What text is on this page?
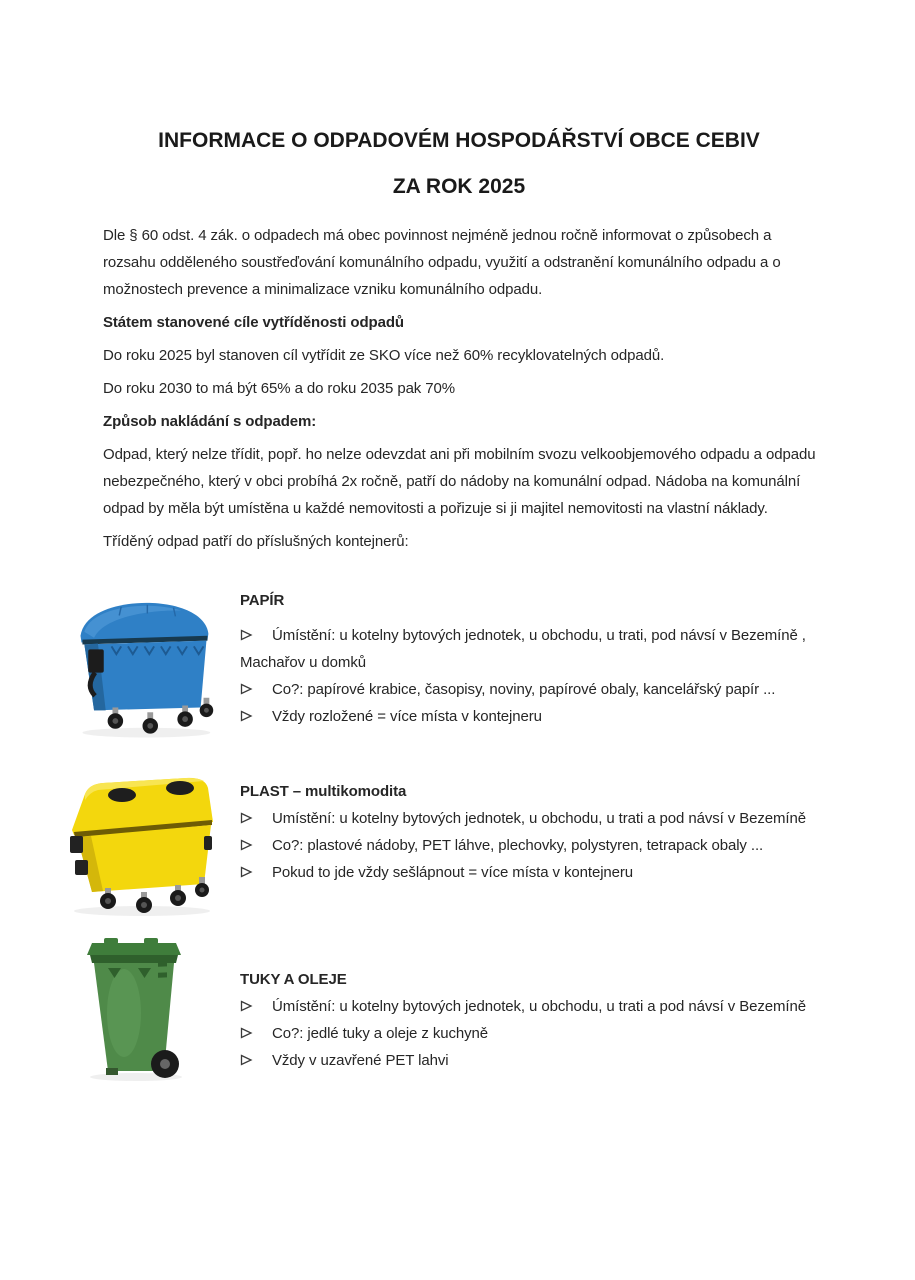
INFORMACE O ODPADOVÉM HOSPODÁŘSTVÍ OBCE CEBIV
ZA ROK 2025

Dle § 60 odst. 4 zák. o odpadech má obec povinnost nejméně jednou ročně informovat o způsobech a rozsahu odděleného soustřeďování komunálního odpadu, využití a odstranění komunálního odpadu a o možnostech prevence a minimalizace vzniku komunálního odpadu.

Státem stanovené cíle vytříděnosti odpadů

Do roku 2025 byl stanoven cíl vytřídit ze SKO více než 60% recyklovatelných odpadů.

Do roku 2030 to má být 65% a do roku 2035 pak 70%

Způsob nakládání s odpadem:

Odpad, který nelze třídit, popř. ho nelze odevzdat ani při mobilním svozu velkoobjemového odpadu a odpadu nebezpečného, který v obci probíhá 2x ročně, patří do nádoby na komunální odpad. Nádoba na komunální odpad by měla být umístěna u každé nemovitosti a pořizuje si ji majitel nemovitosti na vlastní náklady.

Tříděný odpad patří do příslušných kontejnerů:

PAPÍR
Úmístění: u kotelny bytových jednotek, u obchodu, u trati, pod návsí v Bezemíně , Machařov u domků
Co?: papírové krabice, časopisy, noviny, papírové obaly, kancelářský papír ...
Vždy rozložené = více místa v kontejneru
PLAST – multikomodita
Umístění: u kotelny bytových jednotek, u obchodu, u trati a pod návsí v Bezemíně
Co?: plastové nádoby, PET láhve, plechovky, polystyren, tetrapack obaly ...
Pokud to jde vždy sešlápnout = více místa v kontejneru
TUKY A OLEJE
Úmístění: u kotelny bytových jednotek, u obchodu, u trati a pod návsí v Bezemíně
Co?: jedlé tuky a oleje z kuchyně
Vždy v uzavřené PET lahvi
